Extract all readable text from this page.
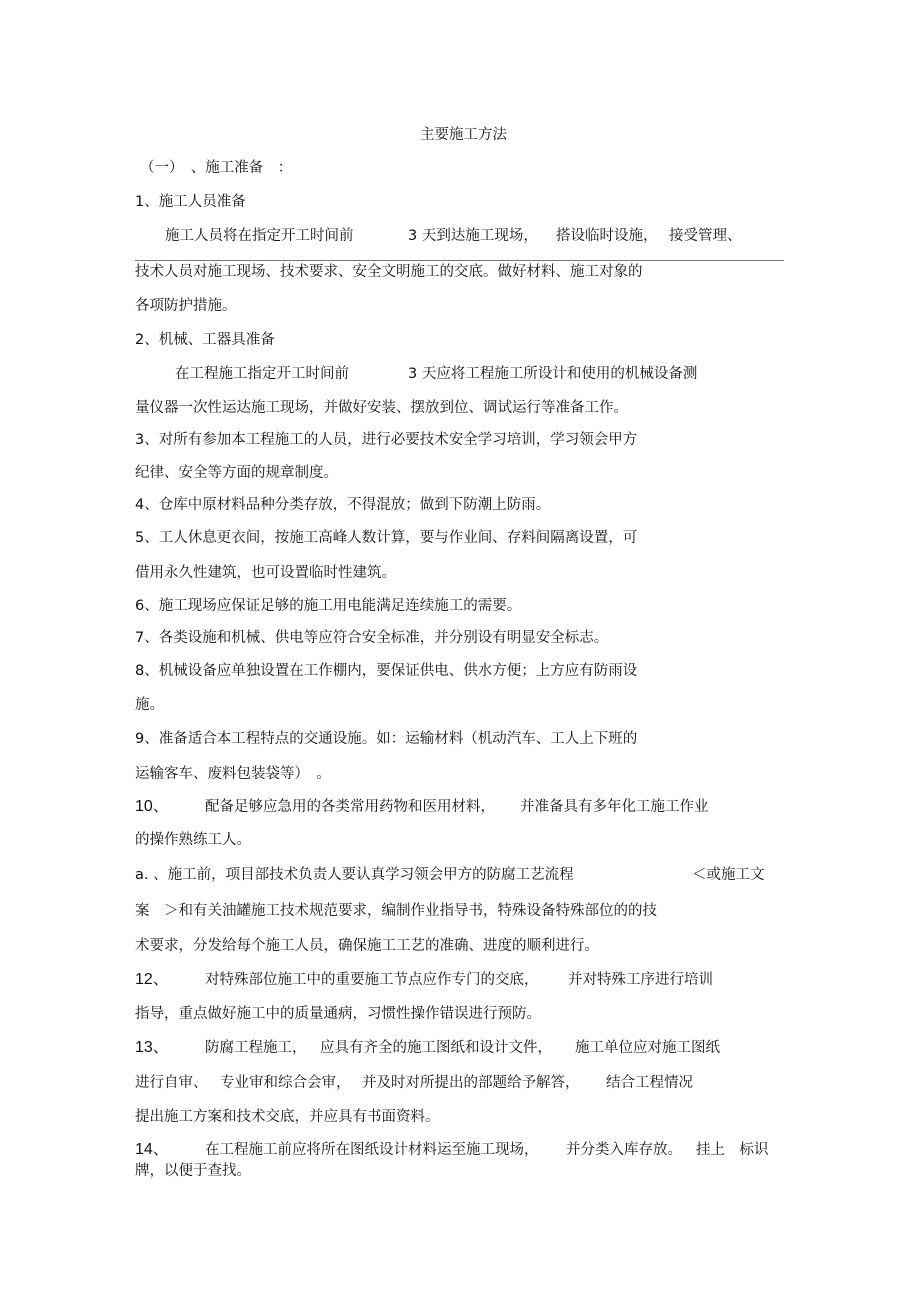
主要施工方法
（一）　、施工准备　：
1、施工人员准备
施工人员将在指定开工时间前	3 天到达施工现场， 搭设临时设施， 接受管理、
技术人员对施工现场、技术要求、安全文明施工的交底。做好材料、施工对象的
各项防护措施。
2、机械、工器具准备
在工程施工指定开工时间前	3 天应将工程施工所设计和使用的机械设备测
量仪器一次性运达施工现场，并做好安装、摆放到位、调试运行等准备工作。
3、对所有参加本工程施工的人员，进行必要技术安全学习培训，学习领会甲方
纪律、安全等方面的规章制度。
4、仓库中原材料品种分类存放，不得混放；做到下防潮上防雨。
5、工人休息更衣间，按施工高峰人数计算，要与作业间、存料间隔离设置，可
借用永久性建筑，也可设置临时性建筑。
6、施工现场应保证足够的施工用电能满足连续施工的需要。
7、各类设施和机械、供电等应符合安全标准，并分别设有明显安全标志。
8、机械设备应单独设置在工作棚内，要保证供电、供水方便；上方应有防雨设
施。
9、准备适合本工程特点的交通设施。如：运输材料（机动汽车、工人上下班的
运输客车、废料包装袋等）　。
10、 配备足够应急用的各类常用药物和医用材料， 并准备具有多年化工施工作业
的操作熟练工人。
a. 、施工前，项目部技术负责人要认真学习领会甲方的防腐工艺流程	＜或施工文
案　＞和有关油罐施工技术规范要求，编制作业指导书，特殊设备特殊部位的的技
术要求，分发给每个施工人员，确保施工工艺的准确、进度的顺利进行。
12、 对特殊部位施工中的重要施工节点应作专门的交底， 并对特殊工序进行培训
指导，重点做好施工中的质量通病，习惯性操作错误进行预防。
13、 防腐工程施工， 应具有齐全的施工图纸和设计文件， 施工单位应对施工图纸
进行自审、 专业审和综合会审， 并及时对所提出的部题给予解答， 结合工程情况
提出施工方案和技术交底，并应具有书面资料。
14、 在工程施工前应将所在图纸设计材料运至施工现场， 并分类入库存放。 挂上　标识
牌，以便于查找。
